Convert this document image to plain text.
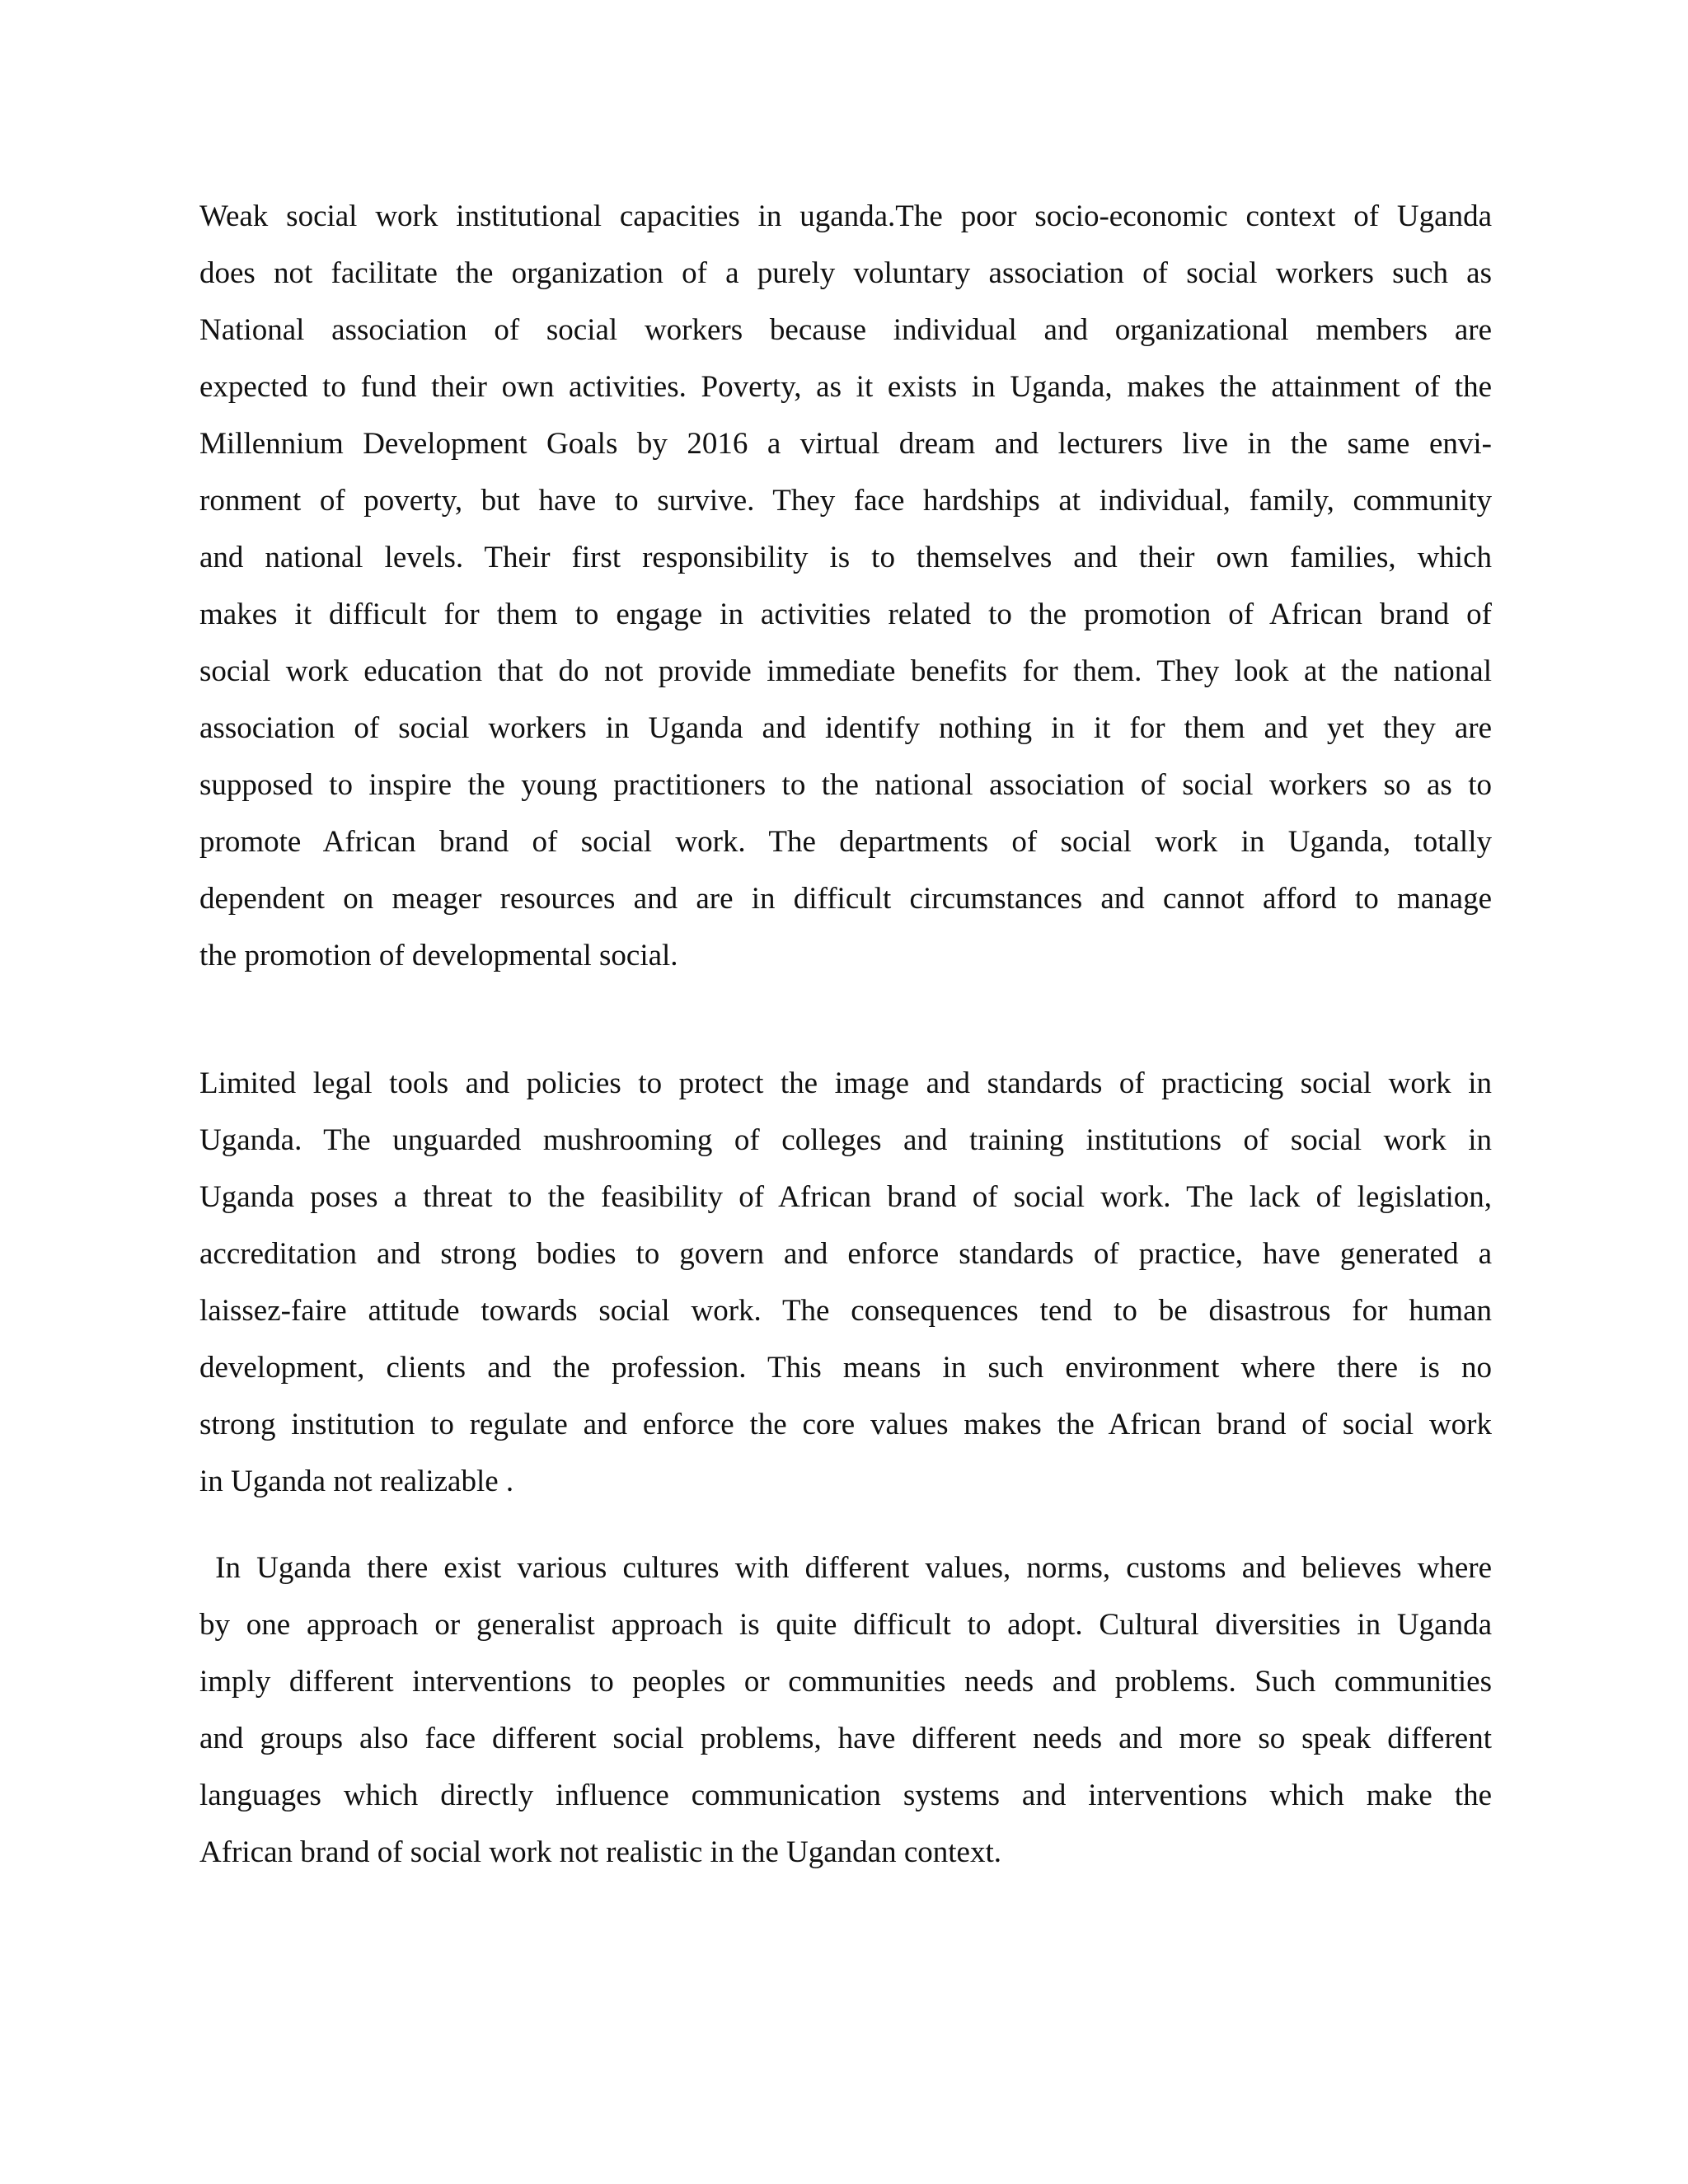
Weak social work institutional capacities in uganda.The poor socio-economic context of Uganda
does not facilitate the organization of a purely voluntary association of social workers such as
National association of social workers because individual and organizational members are
expected to fund their own activities. Poverty, as it exists in Uganda, makes the attainment of the
Millennium Development Goals by 2016 a virtual dream and lecturers live in the same envi-
ronment of poverty, but have to survive. They face hardships at individual, family, community
and national levels. Their first responsibility is to themselves and their own families, which
makes it difficult for them to engage in activities related to the promotion of African brand of
social work education that do not provide immediate benefits for them. They look at the national
association of social workers in Uganda and identify nothing in it for them and yet they are
supposed to inspire the young practitioners to the national association of social workers so as to
promote African brand of social work. The departments of social work in Uganda, totally
dependent on meager resources and are in difficult circumstances and cannot afford to manage
the promotion of developmental social.
Limited legal tools and policies to protect the image and standards of practicing social work in
Uganda. The unguarded mushrooming of colleges and training institutions of social work in
Uganda poses a threat to the feasibility of African brand of social work. The lack of legislation,
accreditation and strong bodies to govern and enforce standards of practice, have generated a
laissez-faire attitude towards social work. The consequences tend to be disastrous for human
development, clients and the profession. This means in such environment where there is no
strong institution to regulate and enforce the core values makes the African brand of social work
in Uganda not realizable .
In Uganda there exist various cultures with different values, norms, customs and believes where
by one approach or generalist approach is quite difficult to adopt. Cultural diversities in Uganda
imply different interventions to peoples or communities needs and problems. Such communities
and groups also face different social problems, have different needs and more so speak different
languages which directly influence communication systems and interventions which make the
African brand of social work not realistic in the Ugandan context.
